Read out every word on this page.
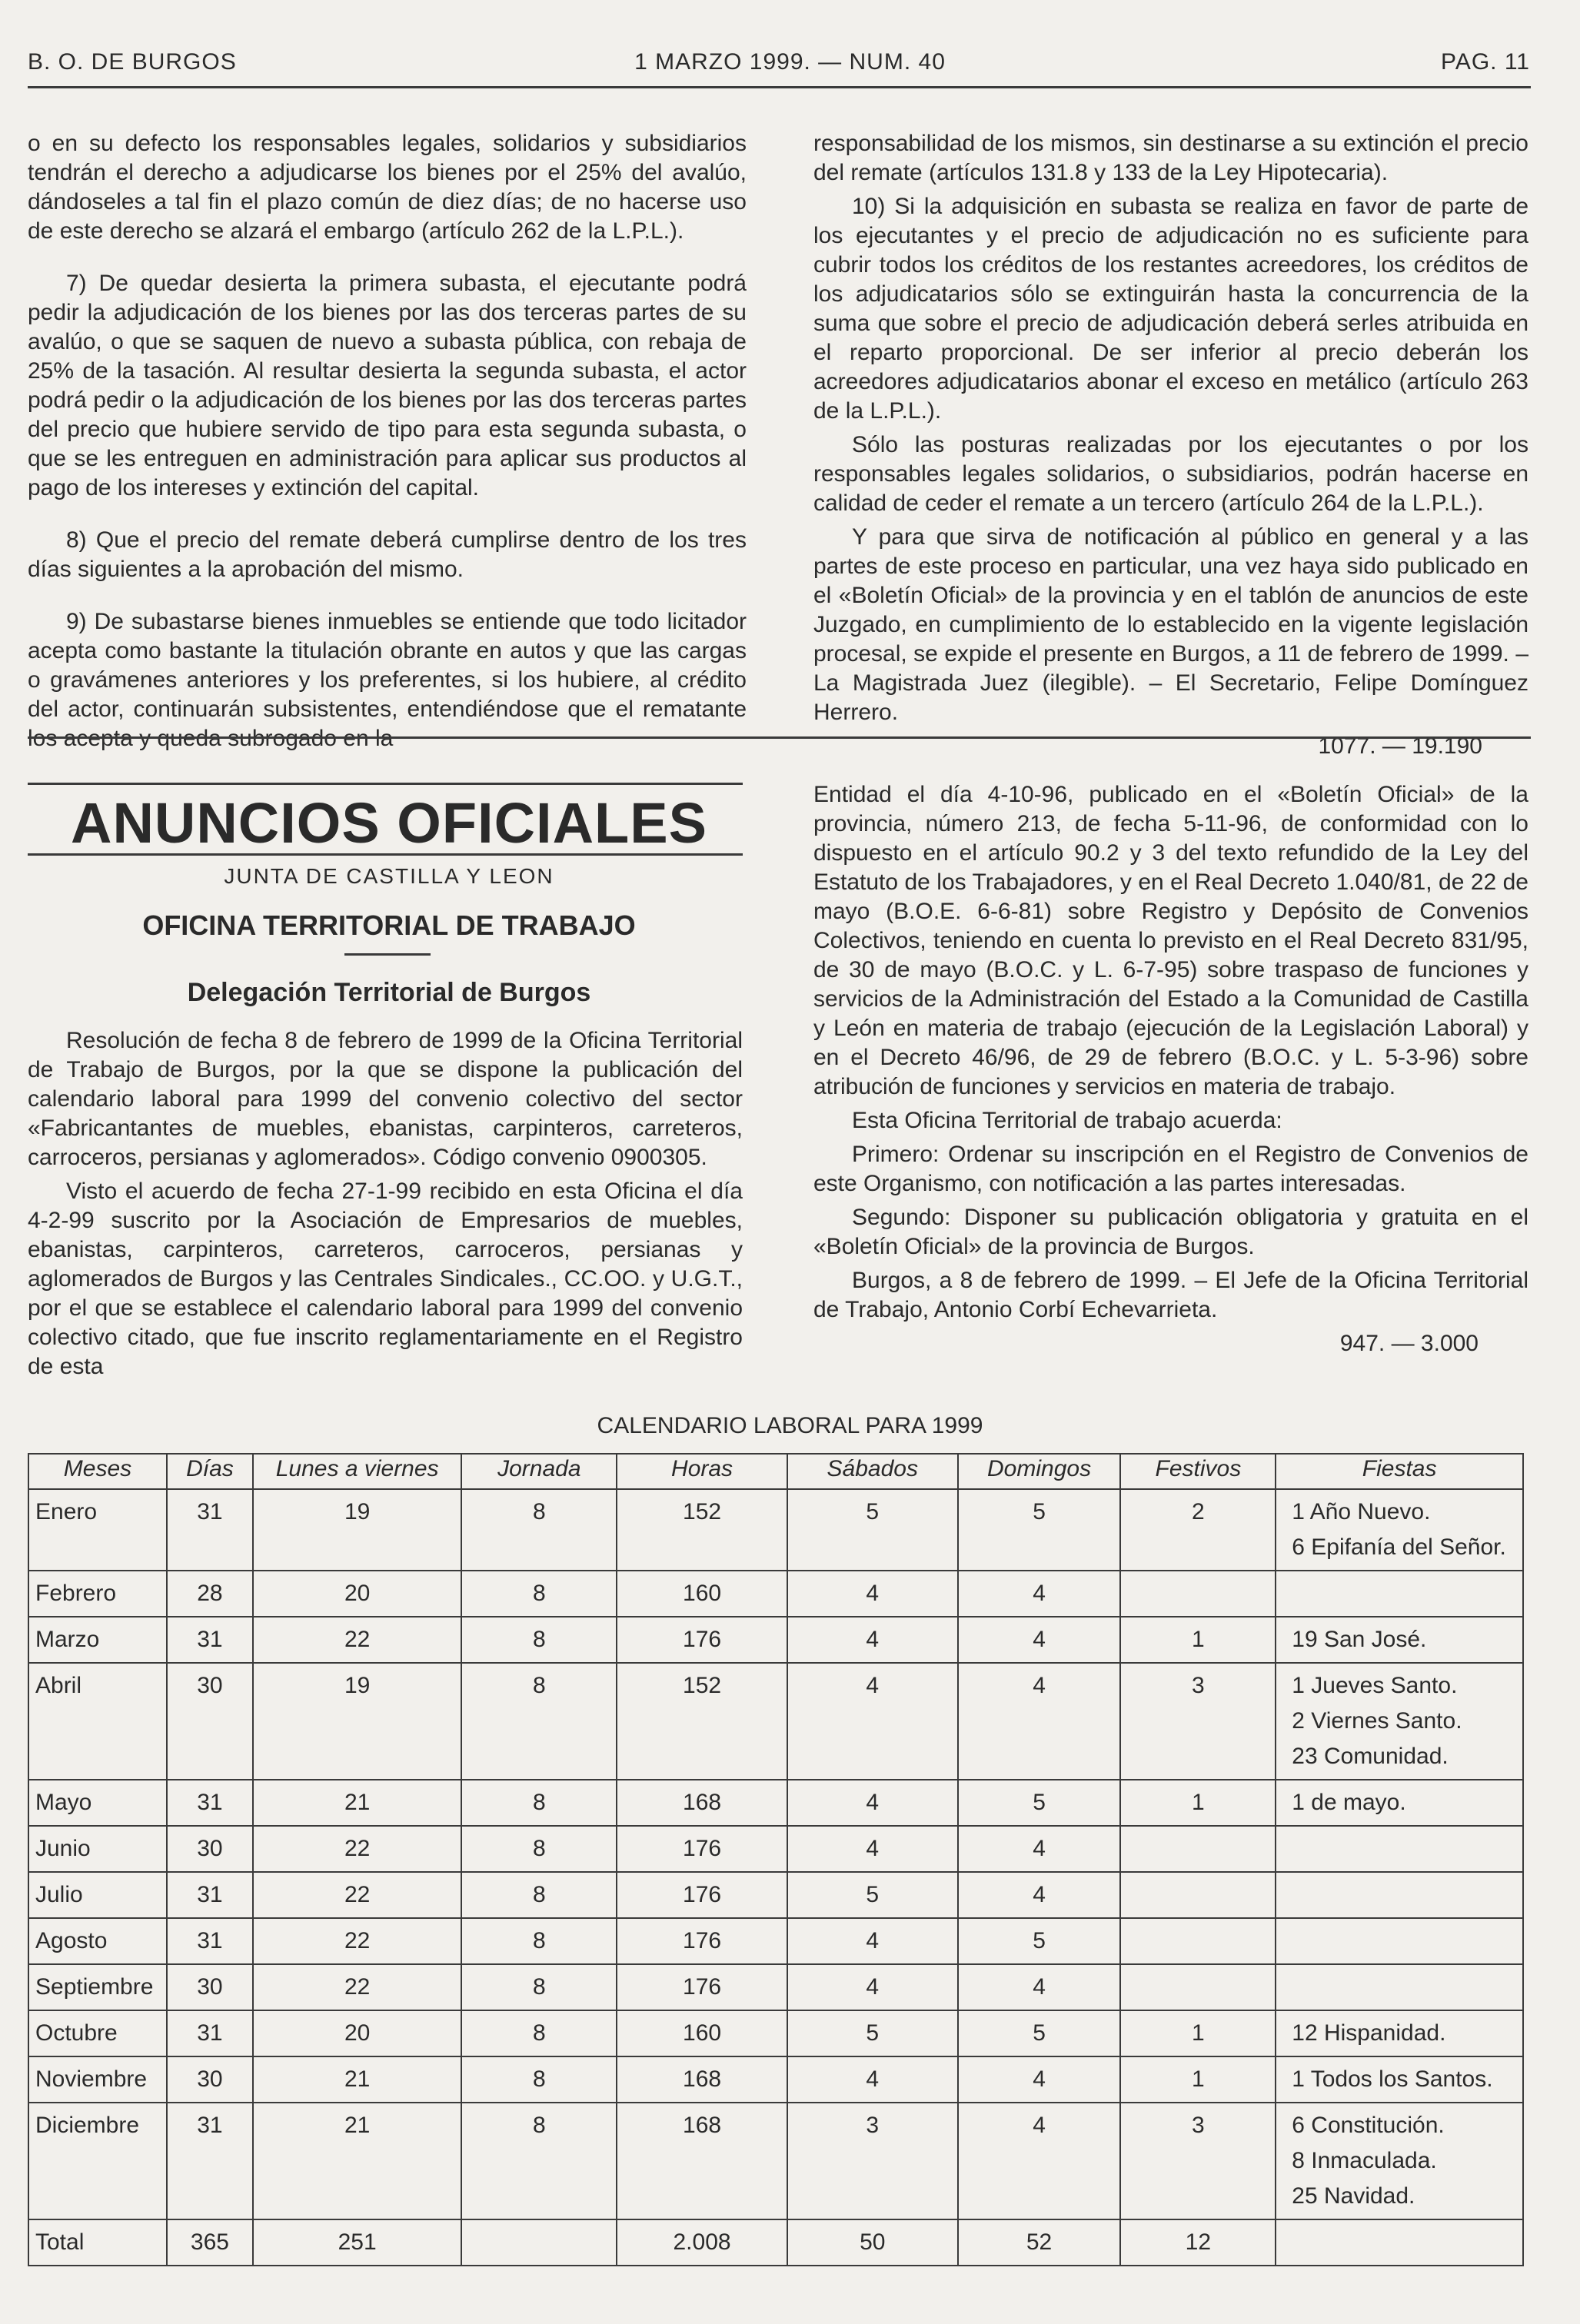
B. O. DE BURGOS	1 MARZO 1999. — NUM. 40	PAG. 11

o en su defecto los responsables legales, solidarios y subsidiarios tendrán el derecho a adjudicarse los bienes por el 25% del avalúo, dándoseles a tal fin el plazo común de diez días; de no hacerse uso de este derecho se alzará el embargo (artículo 262 de la L.P.L.).

7) De quedar desierta la primera subasta, el ejecutante podrá pedir la adjudicación de los bienes por las dos terceras partes de su avalúo, o que se saquen de nuevo a subasta pública, con rebaja de 25% de la tasación. Al resultar desierta la segunda subasta, el actor podrá pedir o la adjudicación de los bienes por las dos terceras partes del precio que hubiere servido de tipo para esta segunda subasta, o que se les entreguen en administración para aplicar sus productos al pago de los intereses y extinción del capital.

8) Que el precio del remate deberá cumplirse dentro de los tres días siguientes a la aprobación del mismo.

9) De subastarse bienes inmuebles se entiende que todo licitador acepta como bastante la titulación obrante en autos y que las cargas o gravámenes anteriores y los preferentes, si los hubiere, al crédito del actor, continuarán subsistentes, entendiéndose que el rematante los acepta y queda subrogado en la

responsabilidad de los mismos, sin destinarse a su extinción el precio del remate (artículos 131.8 y 133 de la Ley Hipotecaria).

10) Si la adquisición en subasta se realiza en favor de parte de los ejecutantes y el precio de adjudicación no es suficiente para cubrir todos los créditos de los restantes acreedores, los créditos de los adjudicatarios sólo se extinguirán hasta la concurrencia de la suma que sobre el precio de adjudicación deberá serles atribuida en el reparto proporcional. De ser inferior al precio deberán los acreedores adjudicatarios abonar el exceso en metálico (artículo 263 de la L.P.L.).

Sólo las posturas realizadas por los ejecutantes o por los responsables legales solidarios, o subsidiarios, podrán hacerse en calidad de ceder el remate a un tercero (artículo 264 de la L.P.L.).

Y para que sirva de notificación al público en general y a las partes de este proceso en particular, una vez haya sido publicado en el «Boletín Oficial» de la provincia y en el tablón de anuncios de este Juzgado, en cumplimiento de lo establecido en la vigente legislación procesal, se expide el presente en Burgos, a 11 de febrero de 1999. – La Magistrada Juez (ilegible). – El Secretario, Felipe Domínguez Herrero.

1077. — 19.190

ANUNCIOS OFICIALES
JUNTA DE CASTILLA Y LEON
OFICINA TERRITORIAL DE TRABAJO
Delegación Territorial de Burgos

Resolución de fecha 8 de febrero de 1999 de la Oficina Territorial de Trabajo de Burgos, por la que se dispone la publicación del calendario laboral para 1999 del convenio colectivo del sector «Fabricantantes de muebles, ebanistas, carpinteros, carreteros, carroceros, persianas y aglomerados». Código convenio 0900305.

Visto el acuerdo de fecha 27-1-99 recibido en esta Oficina el día 4-2-99 suscrito por la Asociación de Empresarios de muebles, ebanistas, carpinteros, carreteros, carroceros, persianas y aglomerados de Burgos y las Centrales Sindicales., CC.OO. y U.G.T., por el que se establece el calendario laboral para 1999 del convenio colectivo citado, que fue inscrito reglamentariamente en el Registro de esta

Entidad el día 4-10-96, publicado en el «Boletín Oficial» de la provincia, número 213, de fecha 5-11-96, de conformidad con lo dispuesto en el artículo 90.2 y 3 del texto refundido de la Ley del Estatuto de los Trabajadores, y en el Real Decreto 1.040/81, de 22 de mayo (B.O.E. 6-6-81) sobre Registro y Depósito de Convenios Colectivos, teniendo en cuenta lo previsto en el Real Decreto 831/95, de 30 de mayo (B.O.C. y L. 6-7-95) sobre traspaso de funciones y servicios de la Administración del Estado a la Comunidad de Castilla y León en materia de trabajo (ejecución de la Legislación Laboral) y en el Decreto 46/96, de 29 de febrero (B.O.C. y L. 5-3-96) sobre atribución de funciones y servicios en materia de trabajo.

Esta Oficina Territorial de trabajo acuerda:

Primero: Ordenar su inscripción en el Registro de Convenios de este Organismo, con notificación a las partes interesadas.

Segundo: Disponer su publicación obligatoria y gratuita en el «Boletín Oficial» de la provincia de Burgos.

Burgos, a 8 de febrero de 1999. – El Jefe de la Oficina Territorial de Trabajo, Antonio Corbí Echevarrieta.

947. — 3.000

CALENDARIO LABORAL PARA 1999
Meses	Días	Lunes a viernes	Jornada	Horas	Sábados	Domingos	Festivos	Fiestas
Enero	31	19	8	152	5	5	2	1 Año Nuevo.
6 Epifanía del Señor.

Febrero	28	20	8	160	4	4		
Marzo	31	22	8	176	4	4	1	19 San José.

Abril	30	19	8	152	4	4	3	1 Jueves Santo.
2 Viernes Santo.
23 Comunidad.

Mayo	31	21	8	168	4	5	1	1 de mayo.

Junio	30	22	8	176	4	4		
Julio	31	22	8	176	5	4		
Agosto	31	22	8	176	4	5		
Septiembre	30	22	8	176	4	4		
Octubre	31	20	8	160	5	5	1	12 Hispanidad.

Noviembre	30	21	8	168	4	4	1	1 Todos los Santos.

Diciembre	31	21	8	168	3	4	3	6 Constitución.
8 Inmaculada.
25 Navidad.

Total	365	251		2.008	50	52	12	
